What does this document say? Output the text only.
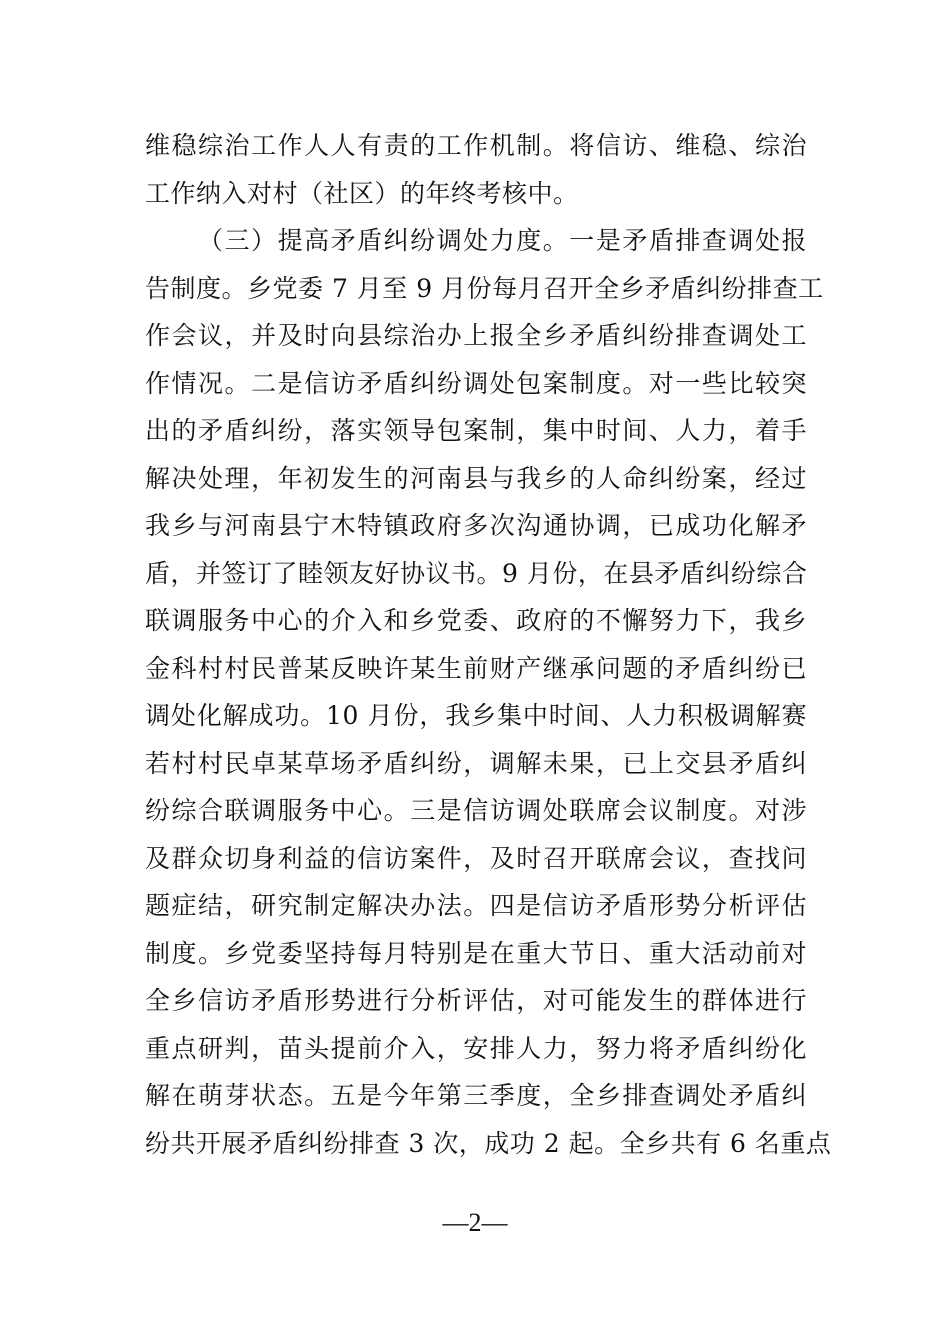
维稳综治工作人人有责的工作机制。将信访、维稳、综治
工作纳入对村（社区）的年终考核中。
（三）提高矛盾纠纷调处力度。一是矛盾排查调处报
告制度。乡党委 7 月至 9 月份每月召开全乡矛盾纠纷排查工
作会议，并及时向县综治办上报全乡矛盾纠纷排查调处工
作情况。二是信访矛盾纠纷调处包案制度。对一些比较突
出的矛盾纠纷，落实领导包案制，集中时间、人力，着手
解决处理，年初发生的河南县与我乡的人命纠纷案，经过
我乡与河南县宁木特镇政府多次沟通协调，已成功化解矛
盾，并签订了睦领友好协议书。9 月份，在县矛盾纠纷综合
联调服务中心的介入和乡党委、政府的不懈努力下，我乡
金科村村民普某反映许某生前财产继承问题的矛盾纠纷已
调处化解成功。10 月份，我乡集中时间、人力积极调解赛
若村村民卓某草场矛盾纠纷，调解未果，已上交县矛盾纠
纷综合联调服务中心。三是信访调处联席会议制度。对涉
及群众切身利益的信访案件，及时召开联席会议，查找问
题症结，研究制定解决办法。四是信访矛盾形势分析评估
制度。乡党委坚持每月特别是在重大节日、重大活动前对
全乡信访矛盾形势进行分析评估，对可能发生的群体进行
重点研判，苗头提前介入，安排人力，努力将矛盾纠纷化
解在萌芽状态。五是今年第三季度，全乡排查调处矛盾纠
纷共开展矛盾纠纷排查 3 次，成功 2 起。全乡共有 6 名重点
—2—
